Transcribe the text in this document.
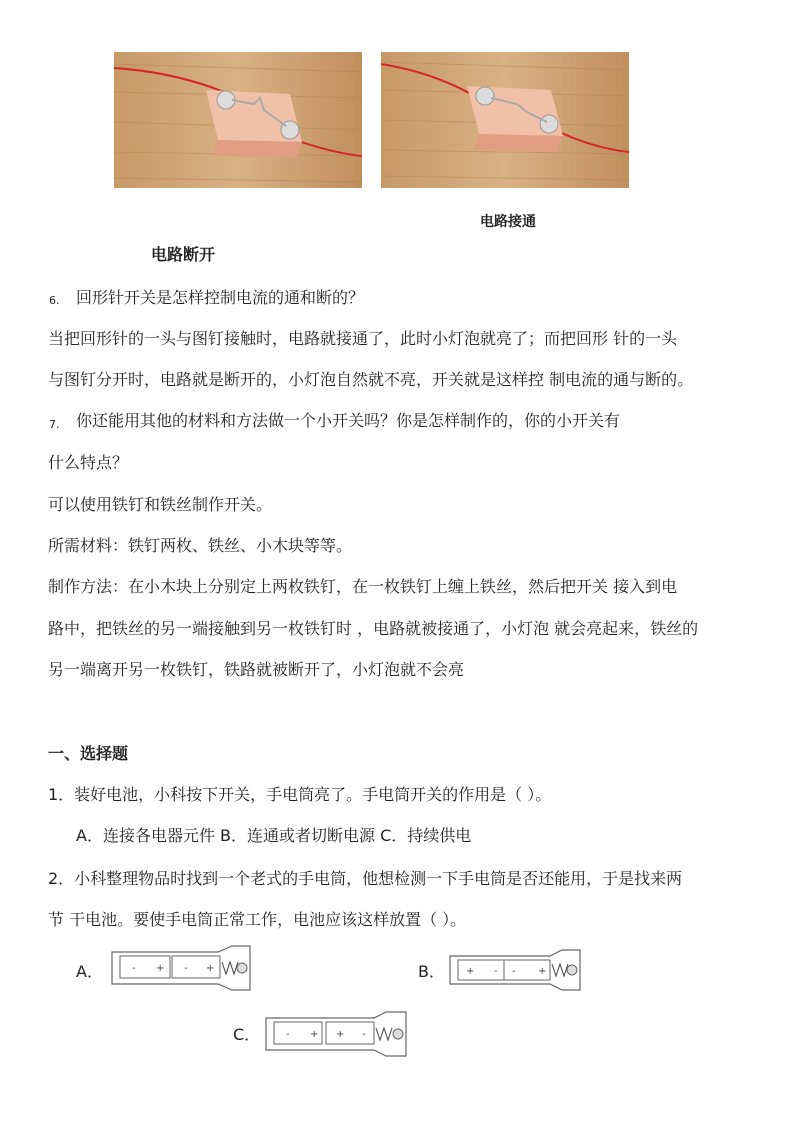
电路接通
电路断开
6. 回形针开关是怎样控制电流的通和断的？
当把回形针的一头与图钉接触时，电路就接通了，此时小灯泡就亮了；而把回形 针的一头
与图钉分开时，电路就是断开的，小灯泡自然就不亮，开关就是这样控 制电流的通与断的。
7. 你还能用其他的材料和方法做一个小开关吗？你是怎样制作的，你的小开关有
什么特点？
可以使用铁钉和铁丝制作开关。
所需材料：铁钉两枚、铁丝、小木块等等。
制作方法：在小木块上分别定上两枚铁钉，在一枚铁钉上缠上铁丝，然后把开关 接入到电
路中，把铁丝的另一端接触到另一枚铁钉时 ，电路就被接通了，小灯泡 就会亮起来，铁丝的
另一端离开另一枚铁钉，铁路就被断开了，小灯泡就不会亮
一、选择题
1．装好电池，小科按下开关，手电筒亮了。手电筒开关的作用是（ ）。
A．连接各电器元件 B．连通或者切断电源 C．持续供电
2．小科整理物品时找到一个老式的手电筒，他想检测一下手电筒是否还能用，于是找来两
节 干电池。要使手电筒正常工作，电池应该这样放置（ ）。
A．	B．
C．
- + - +	+ - - +
- + + -
